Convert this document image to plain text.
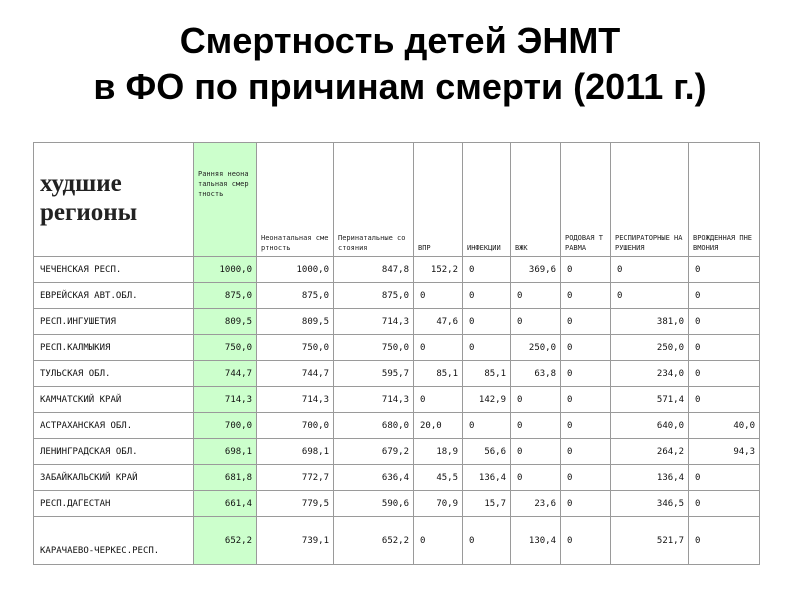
Смертность детей ЭНМТ
в ФО по причинам смерти (2011 г.)
худшие регионы	Ранняя неонатальная смертность	Неонатальная смертность	Перинатальные состояния	ВПР	ИНФЕКЦИИ	ВЖК	РОДОВАЯ ТРАВМА	РЕСПИРАТОРНЫЕ НАРУШЕНИЯ	ВРОЖДЕННАЯ ПНЕВМОНИЯ
ЧЕЧЕНСКАЯ РЕСП.	1000,0	1000,0	847,8	152,2	0	369,6	0	0	0
ЕВРЕЙСКАЯ АВТ.ОБЛ.	875,0	875,0	875,0	0	0	0	0	0	0
РЕСП.ИНГУШЕТИЯ	809,5	809,5	714,3	47,6	0	0	0	381,0	0
РЕСП.КАЛМЫКИЯ	750,0	750,0	750,0	0	0	250,0	0	250,0	0
ТУЛЬСКАЯ ОБЛ.	744,7	744,7	595,7	85,1	85,1	63,8	0	234,0	0
КАМЧАТСКИЙ КРАЙ	714,3	714,3	714,3	0	142,9	0	0	571,4	0
АСТРАХАНСКАЯ ОБЛ.	700,0	700,0	680,0	20,0	0	0	0	640,0	40,0
ЛЕНИНГРАДСКАЯ ОБЛ.	698,1	698,1	679,2	18,9	56,6	0	0	264,2	94,3
ЗАБАЙКАЛЬСКИЙ КРАЙ	681,8	772,7	636,4	45,5	136,4	0	0	136,4	0
РЕСП.ДАГЕСТАН	661,4	779,5	590,6	70,9	15,7	23,6	0	346,5	0
КАРАЧАЕВО-ЧЕРКЕС.РЕСП.	652,2	739,1	652,2	0	0	130,4	0	521,7	0
